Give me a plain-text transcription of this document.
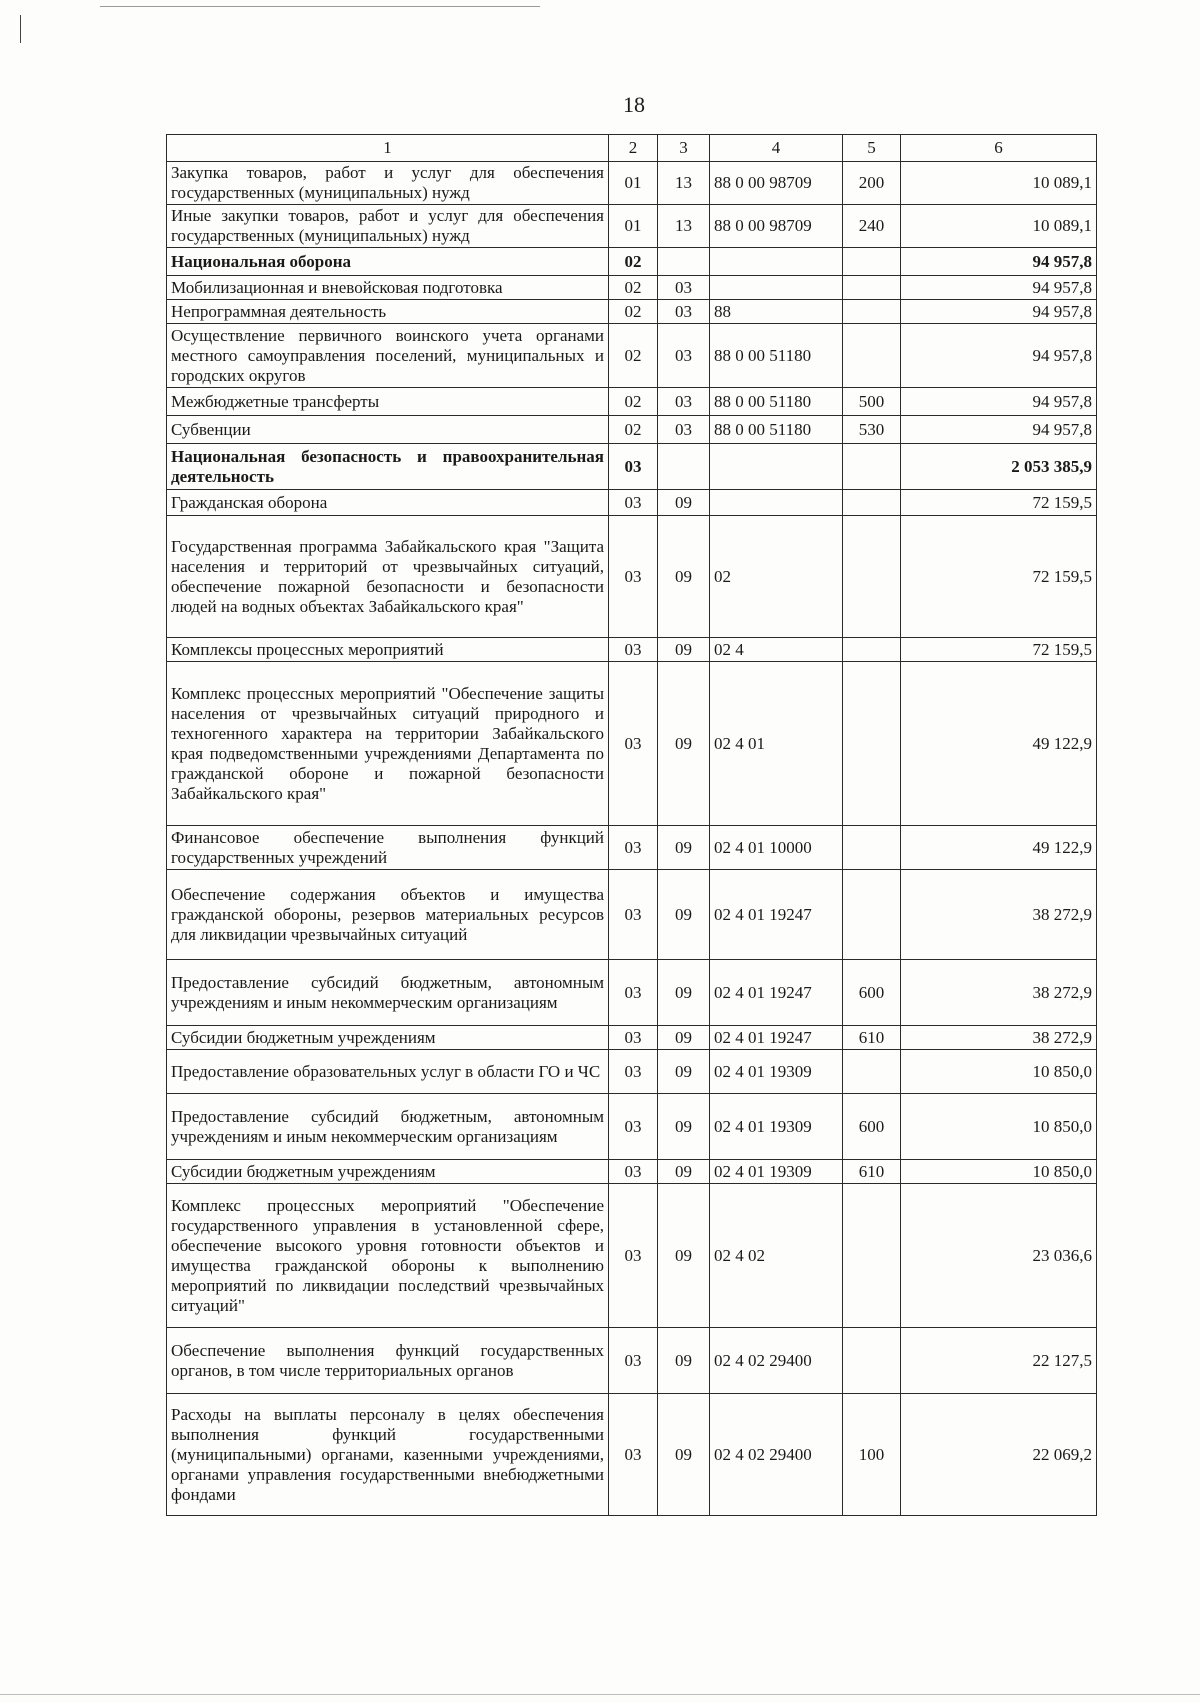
18
1	2	3	4	5	6
Закупка товаров, работ и услуг для обеспечения государственных (муниципальных) нужд	01	13	88 0 00 98709	200	10 089,1
Иные закупки товаров, работ и услуг для обеспечения государственных (муниципальных) нужд	01	13	88 0 00 98709	240	10 089,1
Национальная оборона	02				94 957,8
Мобилизационная и вневойсковая подготовка	02	03			94 957,8
Непрограммная деятельность	02	03	88		94 957,8
Осуществление первичного воинского учета органами местного самоуправления поселений, муниципальных и городских округов	02	03	88 0 00 51180		94 957,8
Межбюджетные трансферты	02	03	88 0 00 51180	500	94 957,8
Субвенции	02	03	88 0 00 51180	530	94 957,8
Национальная безопасность и правоохранительная деятельность	03				2 053 385,9
Гражданская оборона	03	09			72 159,5
Государственная программа Забайкальского края "Защита населения и территорий от чрезвычайных ситуаций, обеспечение пожарной безопасности и безопасности людей на водных объектах Забайкальского края"	03	09	02		72 159,5
Комплексы процессных мероприятий	03	09	02 4		72 159,5
Комплекс процессных мероприятий "Обеспечение защиты населения от чрезвычайных ситуаций природного и техногенного характера на территории Забайкальского края подведомственными учреждениями Департамента по гражданской обороне и пожарной безопасности Забайкальского края"	03	09	02 4 01		49 122,9
Финансовое обеспечение выполнения функций государственных учреждений	03	09	02 4 01 10000		49 122,9
Обеспечение содержания объектов и имущества гражданской обороны, резервов материальных ресурсов для ликвидации чрезвычайных ситуаций	03	09	02 4 01 19247		38 272,9
Предоставление субсидий бюджетным, автономным учреждениям и иным некоммерческим организациям	03	09	02 4 01 19247	600	38 272,9
Субсидии бюджетным учреждениям	03	09	02 4 01 19247	610	38 272,9
Предоставление образовательных услуг в области ГО и ЧС	03	09	02 4 01 19309		10 850,0
Предоставление субсидий бюджетным, автономным учреждениям и иным некоммерческим организациям	03	09	02 4 01 19309	600	10 850,0
Субсидии бюджетным учреждениям	03	09	02 4 01 19309	610	10 850,0
Комплекс процессных мероприятий "Обеспечение государственного управления в установленной сфере, обеспечение высокого уровня готовности объектов и имущества гражданской обороны к выполнению мероприятий по ликвидации последствий чрезвычайных ситуаций"	03	09	02 4 02		23 036,6
Обеспечение выполнения функций государственных органов, в том числе территориальных органов	03	09	02 4 02 29400		22 127,5
Расходы на выплаты персоналу в целях обеспечения выполнения функций государственными (муниципальными) органами, казенными учреждениями, органами управления государственными внебюджетными фондами	03	09	02 4 02 29400	100	22 069,2
